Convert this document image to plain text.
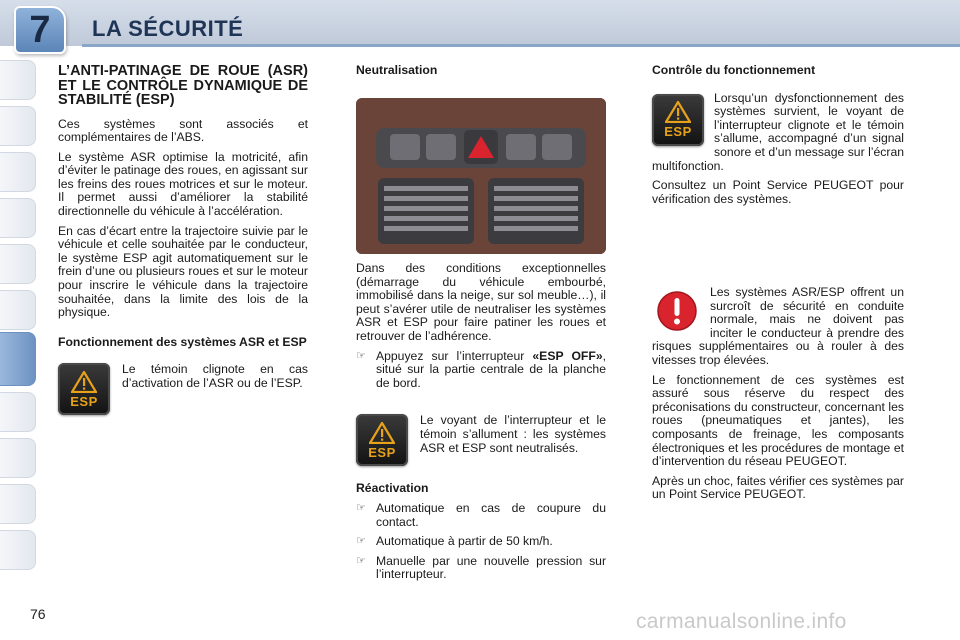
7	LA SÉCURITÉ
L’ANTI-PATINAGE DE ROUE (ASR) ET LE CONTRÔLE DYNAMIQUE DE STABILITÉ (ESP)

Ces systèmes sont associés et complémentaires de l’ABS.

Le système ASR optimise la motricité, afin d’éviter le patinage des roues, en agissant sur les freins des roues motrices et sur le moteur. Il permet aussi d’améliorer la stabilité directionnelle du véhicule à l’accélération.

En cas d’écart entre la trajectoire suivie par le véhicule et celle souhaitée par le conducteur, le système ESP agit automatiquement sur le frein d’une ou plusieurs roues et sur le moteur pour inscrire le véhicule dans la trajectoire souhaitée, dans la limite des lois de la physique.

Fonctionnement des systèmes ASR et ESP
ESP
Le témoin clignote en cas d’activation de l’ASR ou de l’ESP.
Neutralisation

Dans des conditions exceptionnelles (démarrage du véhicule embourbé, immobilisé dans la neige, sur sol meuble…), il peut s’avérer utile de neutraliser les systèmes ASR et ESP pour faire patiner les roues et retrouver de l’adhérence.

☞ Appuyez sur l’interrupteur «ESP OFF», situé sur la partie centrale de la planche de bord.
ESP
Le voyant de l’interrupteur et le témoin s’allument : les systèmes ASR et ESP sont neutralisés.
Réactivation
☞ Automatique en cas de coupure du contact.
☞ Automatique à partir de 50 km/h.
☞ Manuelle par une nouvelle pression sur l’interrupteur.
Contrôle du fonctionnement
ESP

Lorsqu’un dysfonctionnement des systèmes survient, le voyant de l’interrupteur clignote et le témoin s’allume, accompagné d’un signal sonore et d’un message sur l’écran multifonction.

Consultez un Point Service PEUGEOT pour vérification des systèmes.

Les systèmes ASR/ESP offrent un surcroît de sécurité en conduite normale, mais ne doivent pas inciter le conducteur à prendre des risques supplémentaires ou à rouler à des vitesses trop élevées.

Le fonctionnement de ces systèmes est assuré sous réserve du respect des préconisations du constructeur, concernant les roues (pneumatiques et jantes), les composants de freinage, les composants électroniques et les procédures de montage et d’intervention du réseau PEUGEOT.

Après un choc, faites vérifier ces systèmes par un Point Service PEUGEOT.

76	carmanualsonline.info
